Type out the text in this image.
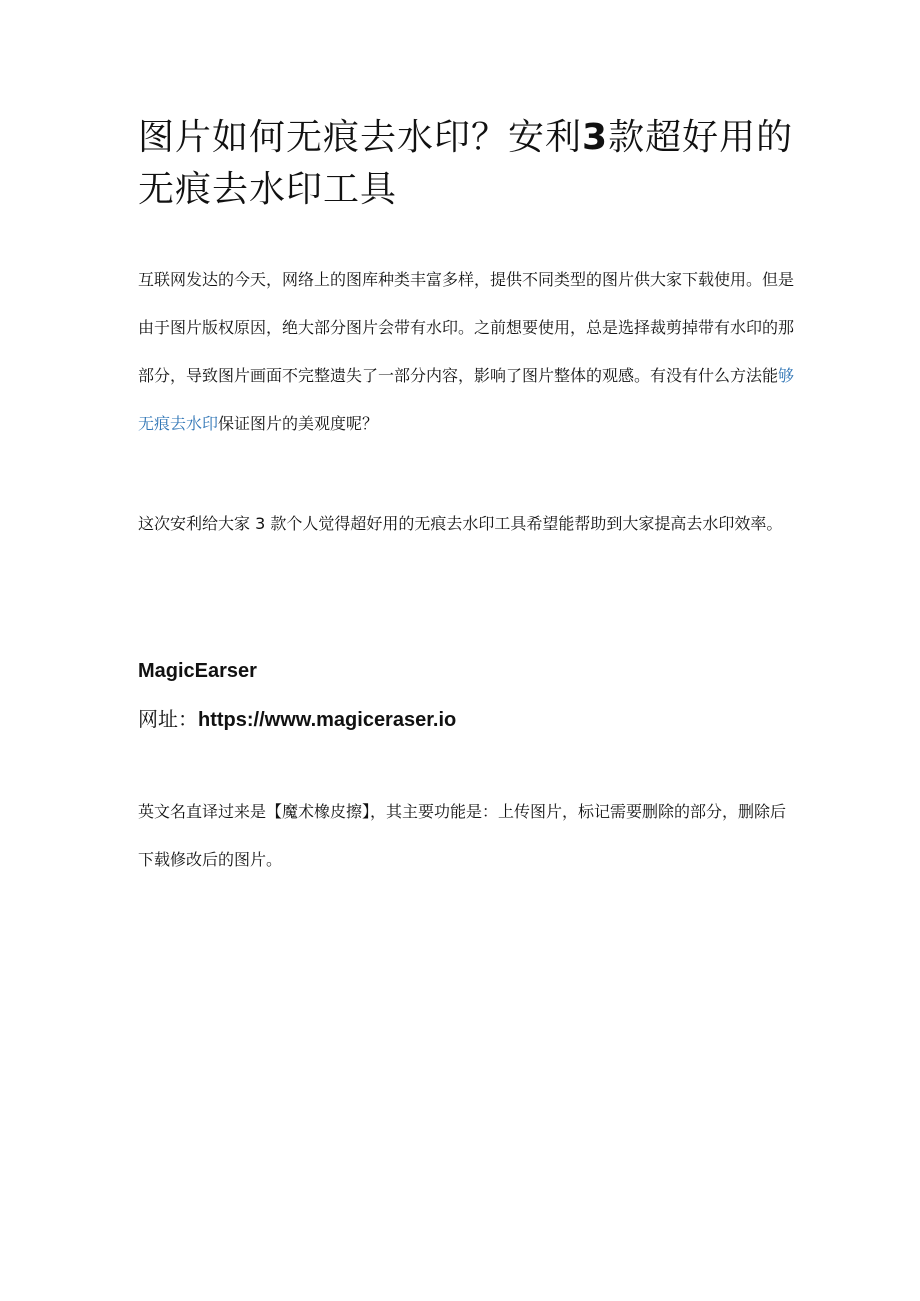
图片如何无痕去水印？安利3款超好用的无痕去水印工具

互联网发达的今天，网络上的图库种类丰富多样，提供不同类型的图片供大家下载使用。但是由于图片版权原因，绝大部分图片会带有水印。之前想要使用，总是选择裁剪掉带有水印的那部分，导致图片画面不完整遗失了一部分内容，影响了图片整体的观感。有没有什么方法能够无痕去水印保证图片的美观度呢？

这次安利给大家 3 款个人觉得超好用的无痕去水印工具希望能帮助到大家提高去水印效率。

MagicEarser

网址：https://www.magiceraser.io

英文名直译过来是【魔术橡皮擦】，其主要功能是：上传图片，标记需要删除的部分，删除后下载修改后的图片。
